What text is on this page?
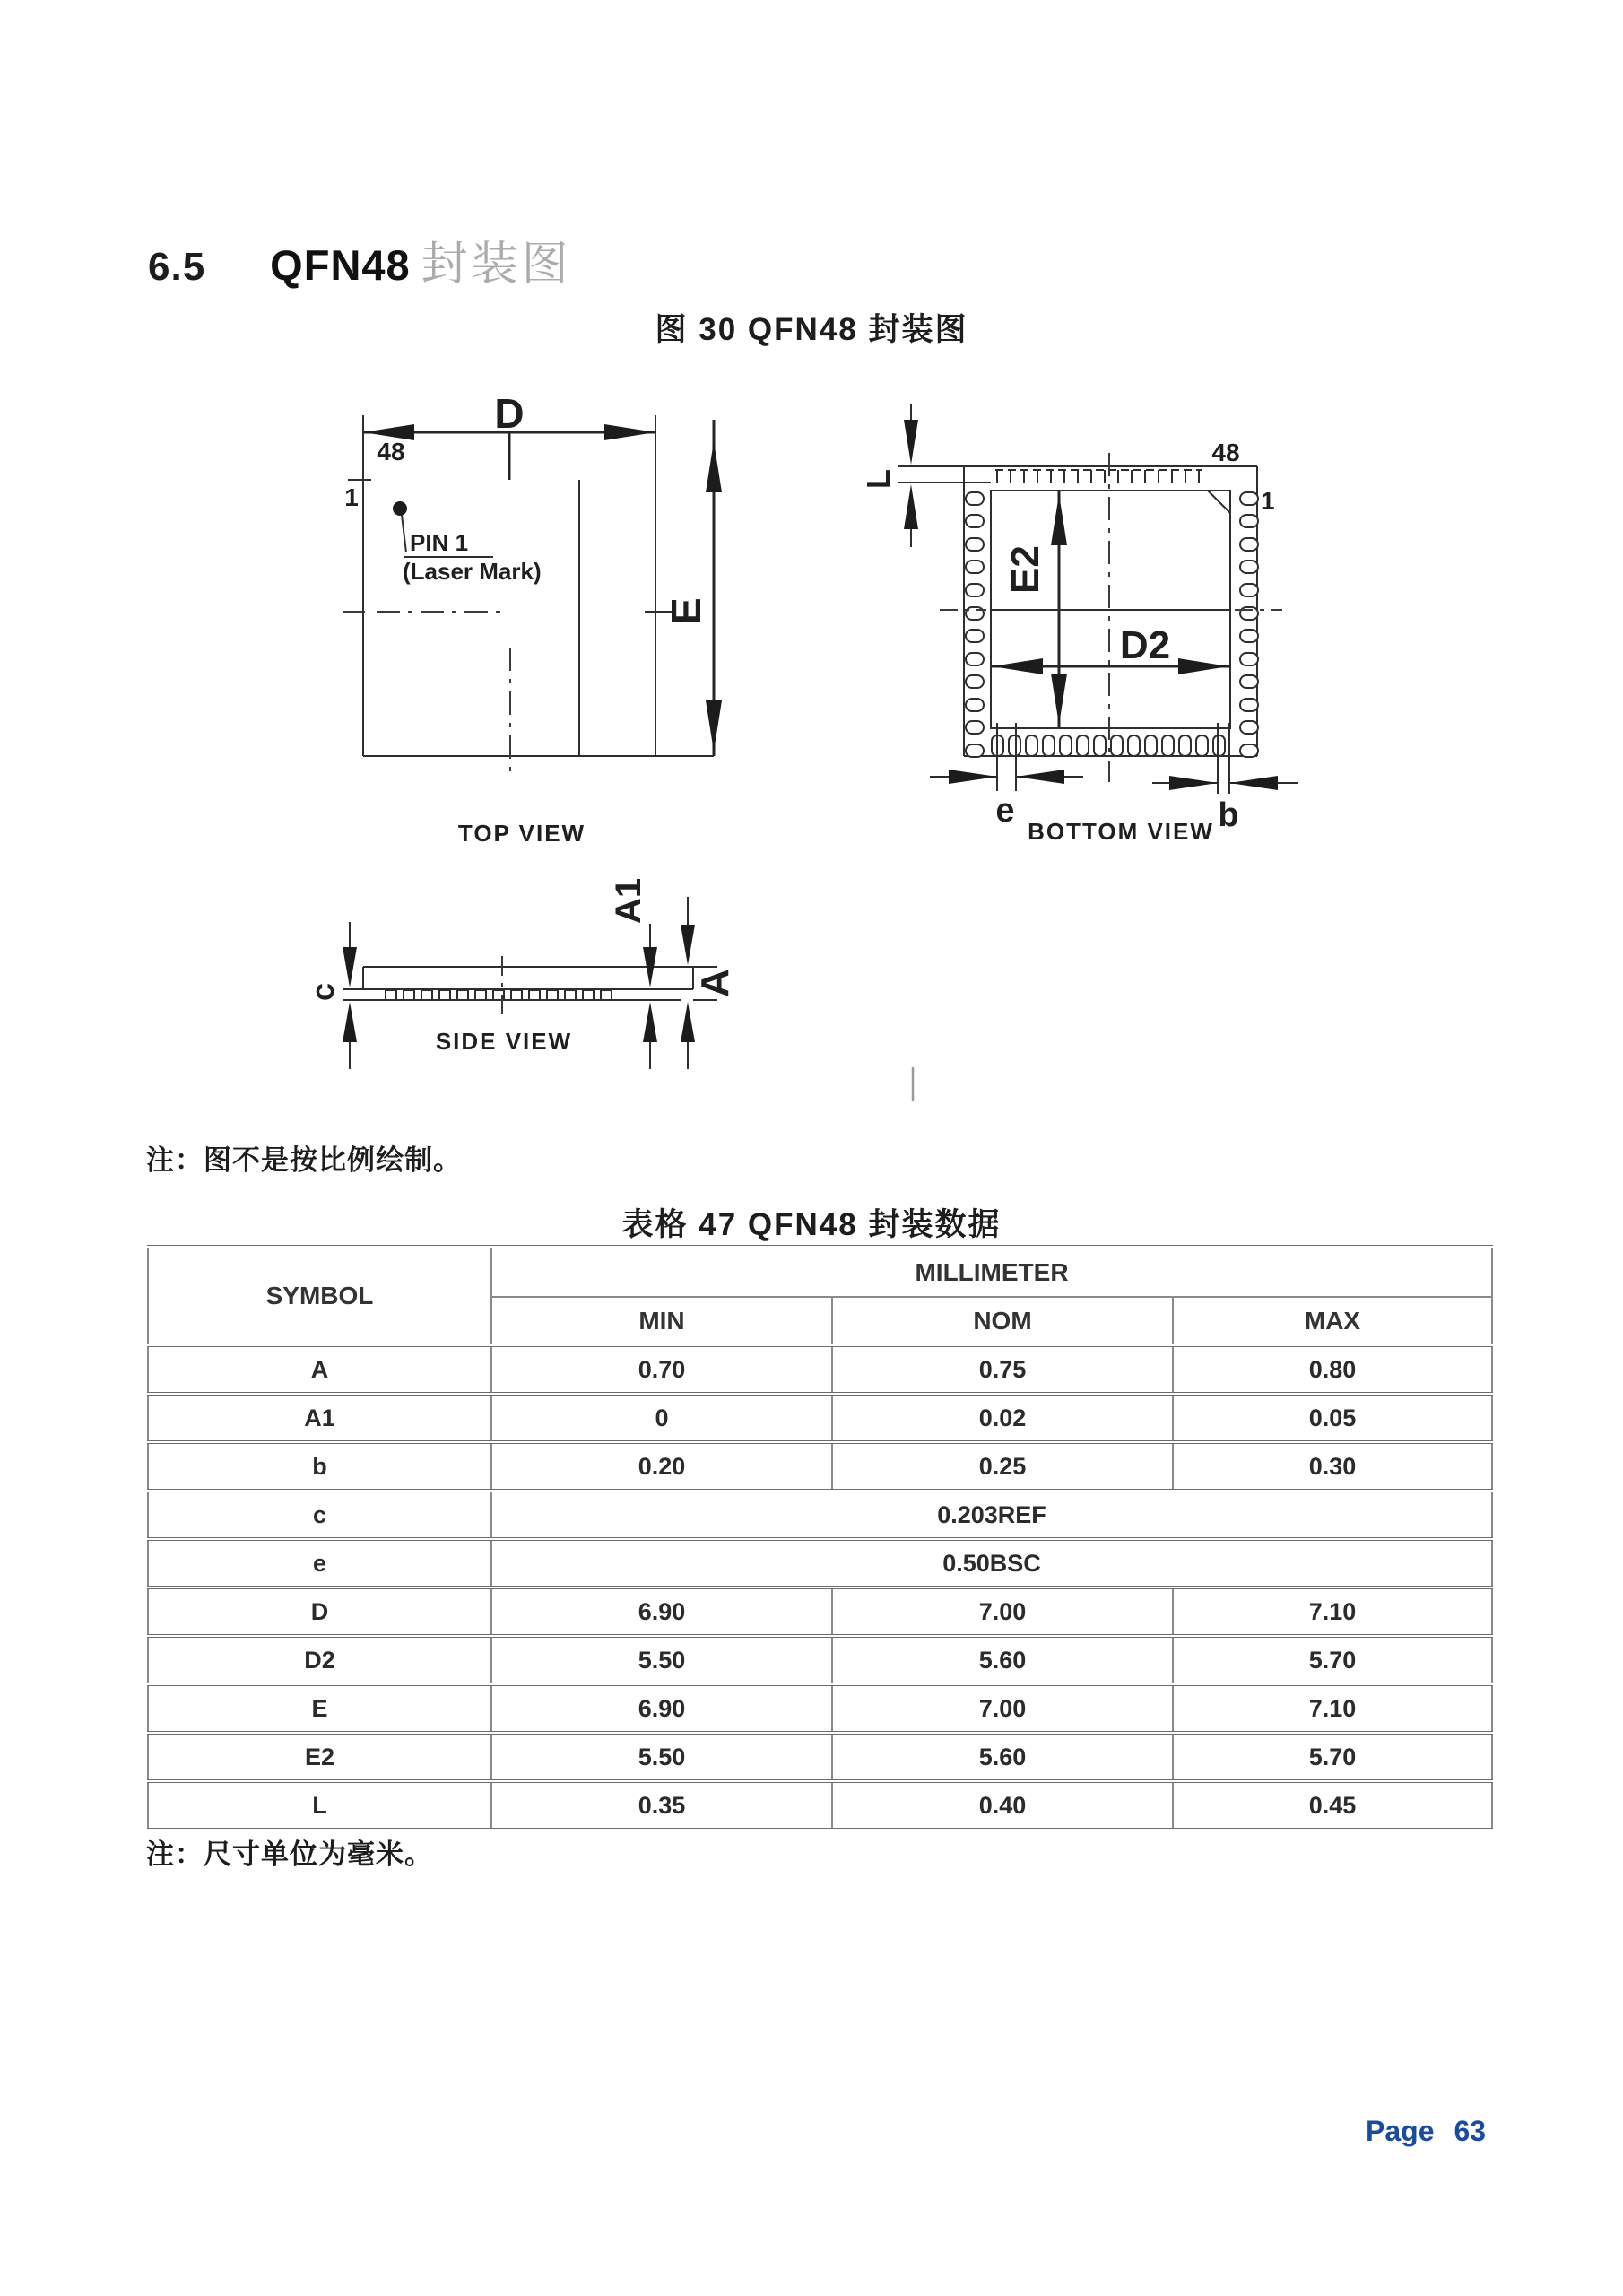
6.5 QFN48 封装图
图 30 QFN48 封装图
D
E
48
1
PIN 1
(Laser Mark)
TOP VIEW
L
E2
D2
e	b
48
1
BOTTOM VIEW
c
A1
A
SIDE VIEW
注：图不是按比例绘制。
表格 47 QFN48 封装数据
SYMBOL	MILLIMETER		
	MIN	NOM	MAX
A	0.70	0.75	0.80
A1	0	0.02	0.05
b	0.20	0.25	0.30
c	0.203REF		
e	0.50BSC		
D	6.90	7.00	7.10
D2	5.50	5.60	5.70
E	6.90	7.00	7.10
E2	5.50	5.60	5.70
L	0.35	0.40	0.45
注：尺寸单位为毫米。
Page 63
